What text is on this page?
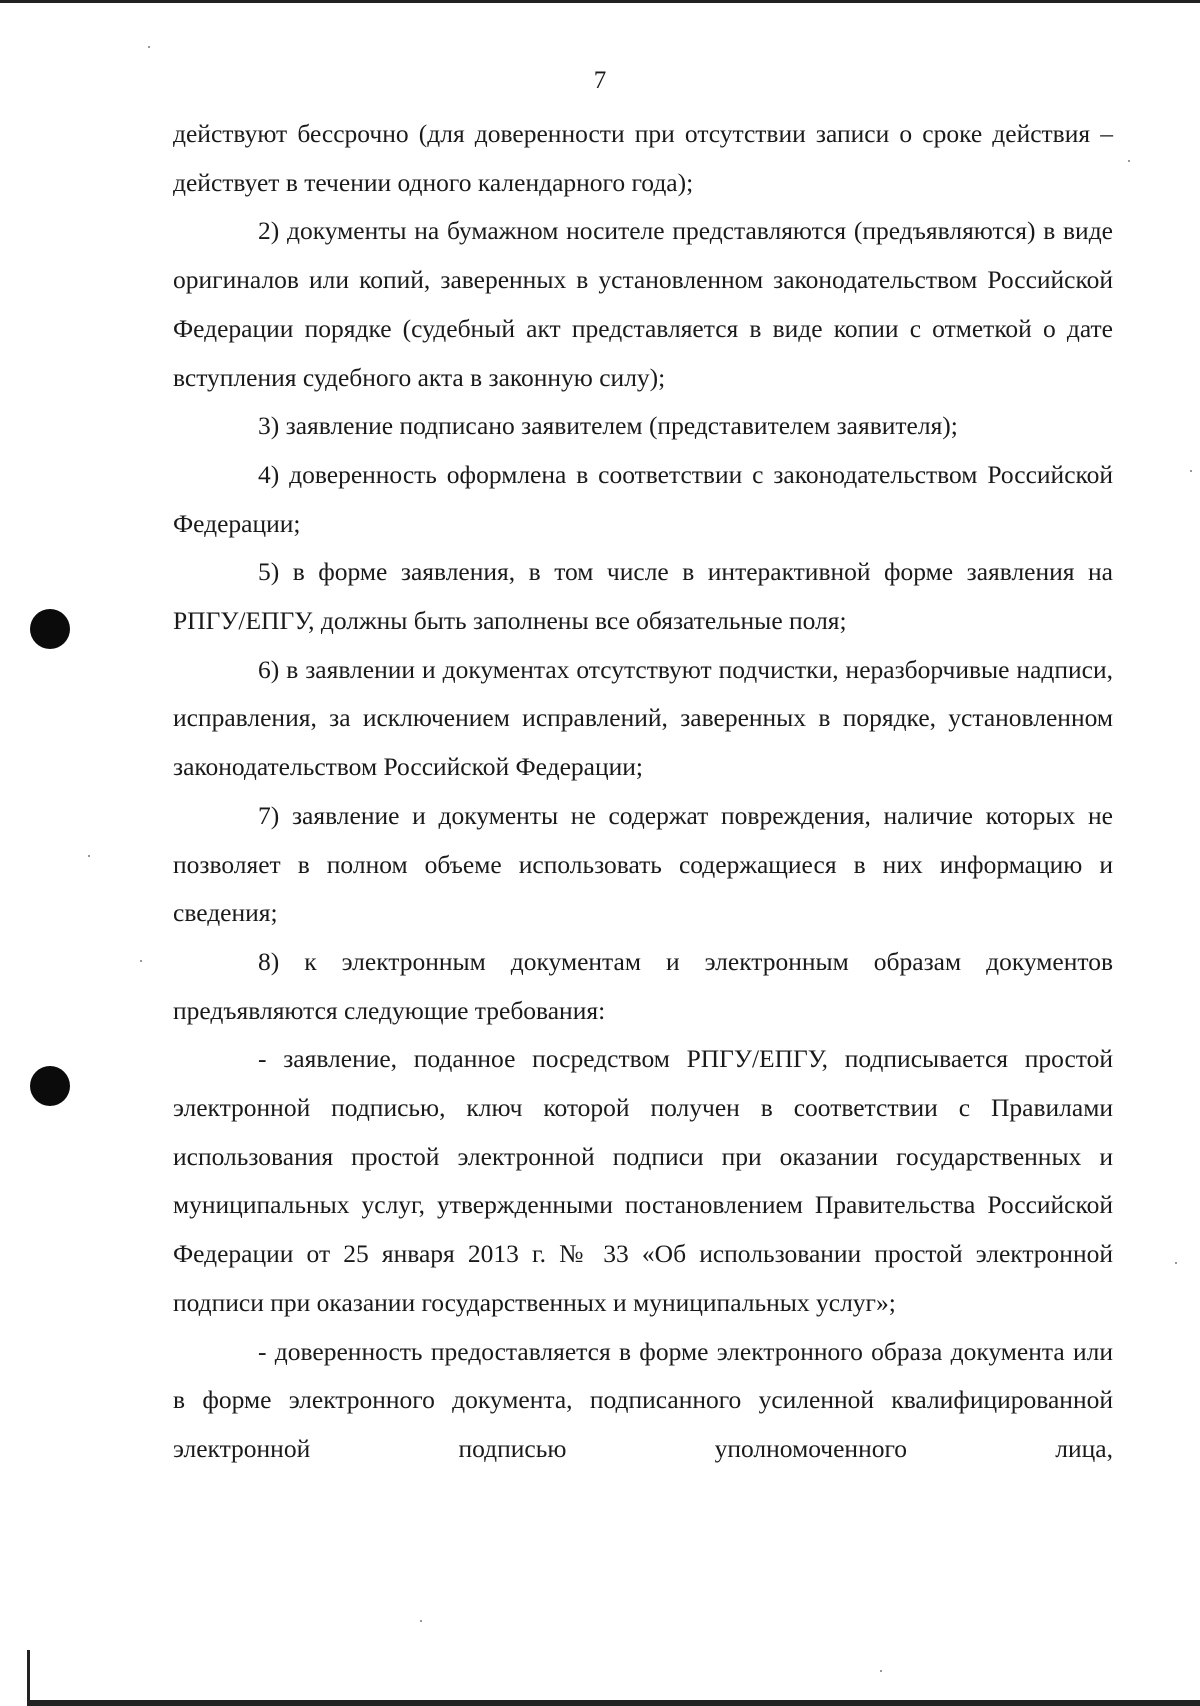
7

действуют бессрочно (для доверенности при отсутствии записи о сроке действия – действует в течении одного календарного года);

2) документы на бумажном носителе представляются (предъявляются) в виде оригиналов или копий, заверенных в установленном законодательством Российской Федерации порядке (судебный акт представляется в виде копии с отметкой о дате вступления судебного акта в законную силу);

3) заявление подписано заявителем (представителем заявителя);

4) доверенность оформлена в соответствии с законодательством Российской Федерации;

5) в форме заявления, в том числе в интерактивной форме заявления на РПГУ/ЕПГУ, должны быть заполнены все обязательные поля;

6) в заявлении и документах отсутствуют подчистки, неразборчивые надписи, исправления, за исключением исправлений, заверенных в порядке, установленном законодательством Российской Федерации;

7) заявление и документы не содержат повреждения, наличие которых не позволяет в полном объеме использовать содержащиеся в них информацию и сведения;

8) к электронным документам и электронным образам документов предъявляются следующие требования:

- заявление, поданное посредством РПГУ/ЕПГУ, подписывается простой электронной подписью, ключ которой получен в соответствии с Правилами использования простой электронной подписи при оказании государственных и муниципальных услуг, утвержденными постановлением Правительства Российской Федерации от 25 января 2013 г. № 33 «Об использовании простой электронной подписи при оказании государственных и муниципальных услуг»;

- доверенность предоставляется в форме электронного образа документа или в форме электронного документа, подписанного усиленной квалифицированной электронной подписью уполномоченного лица,
